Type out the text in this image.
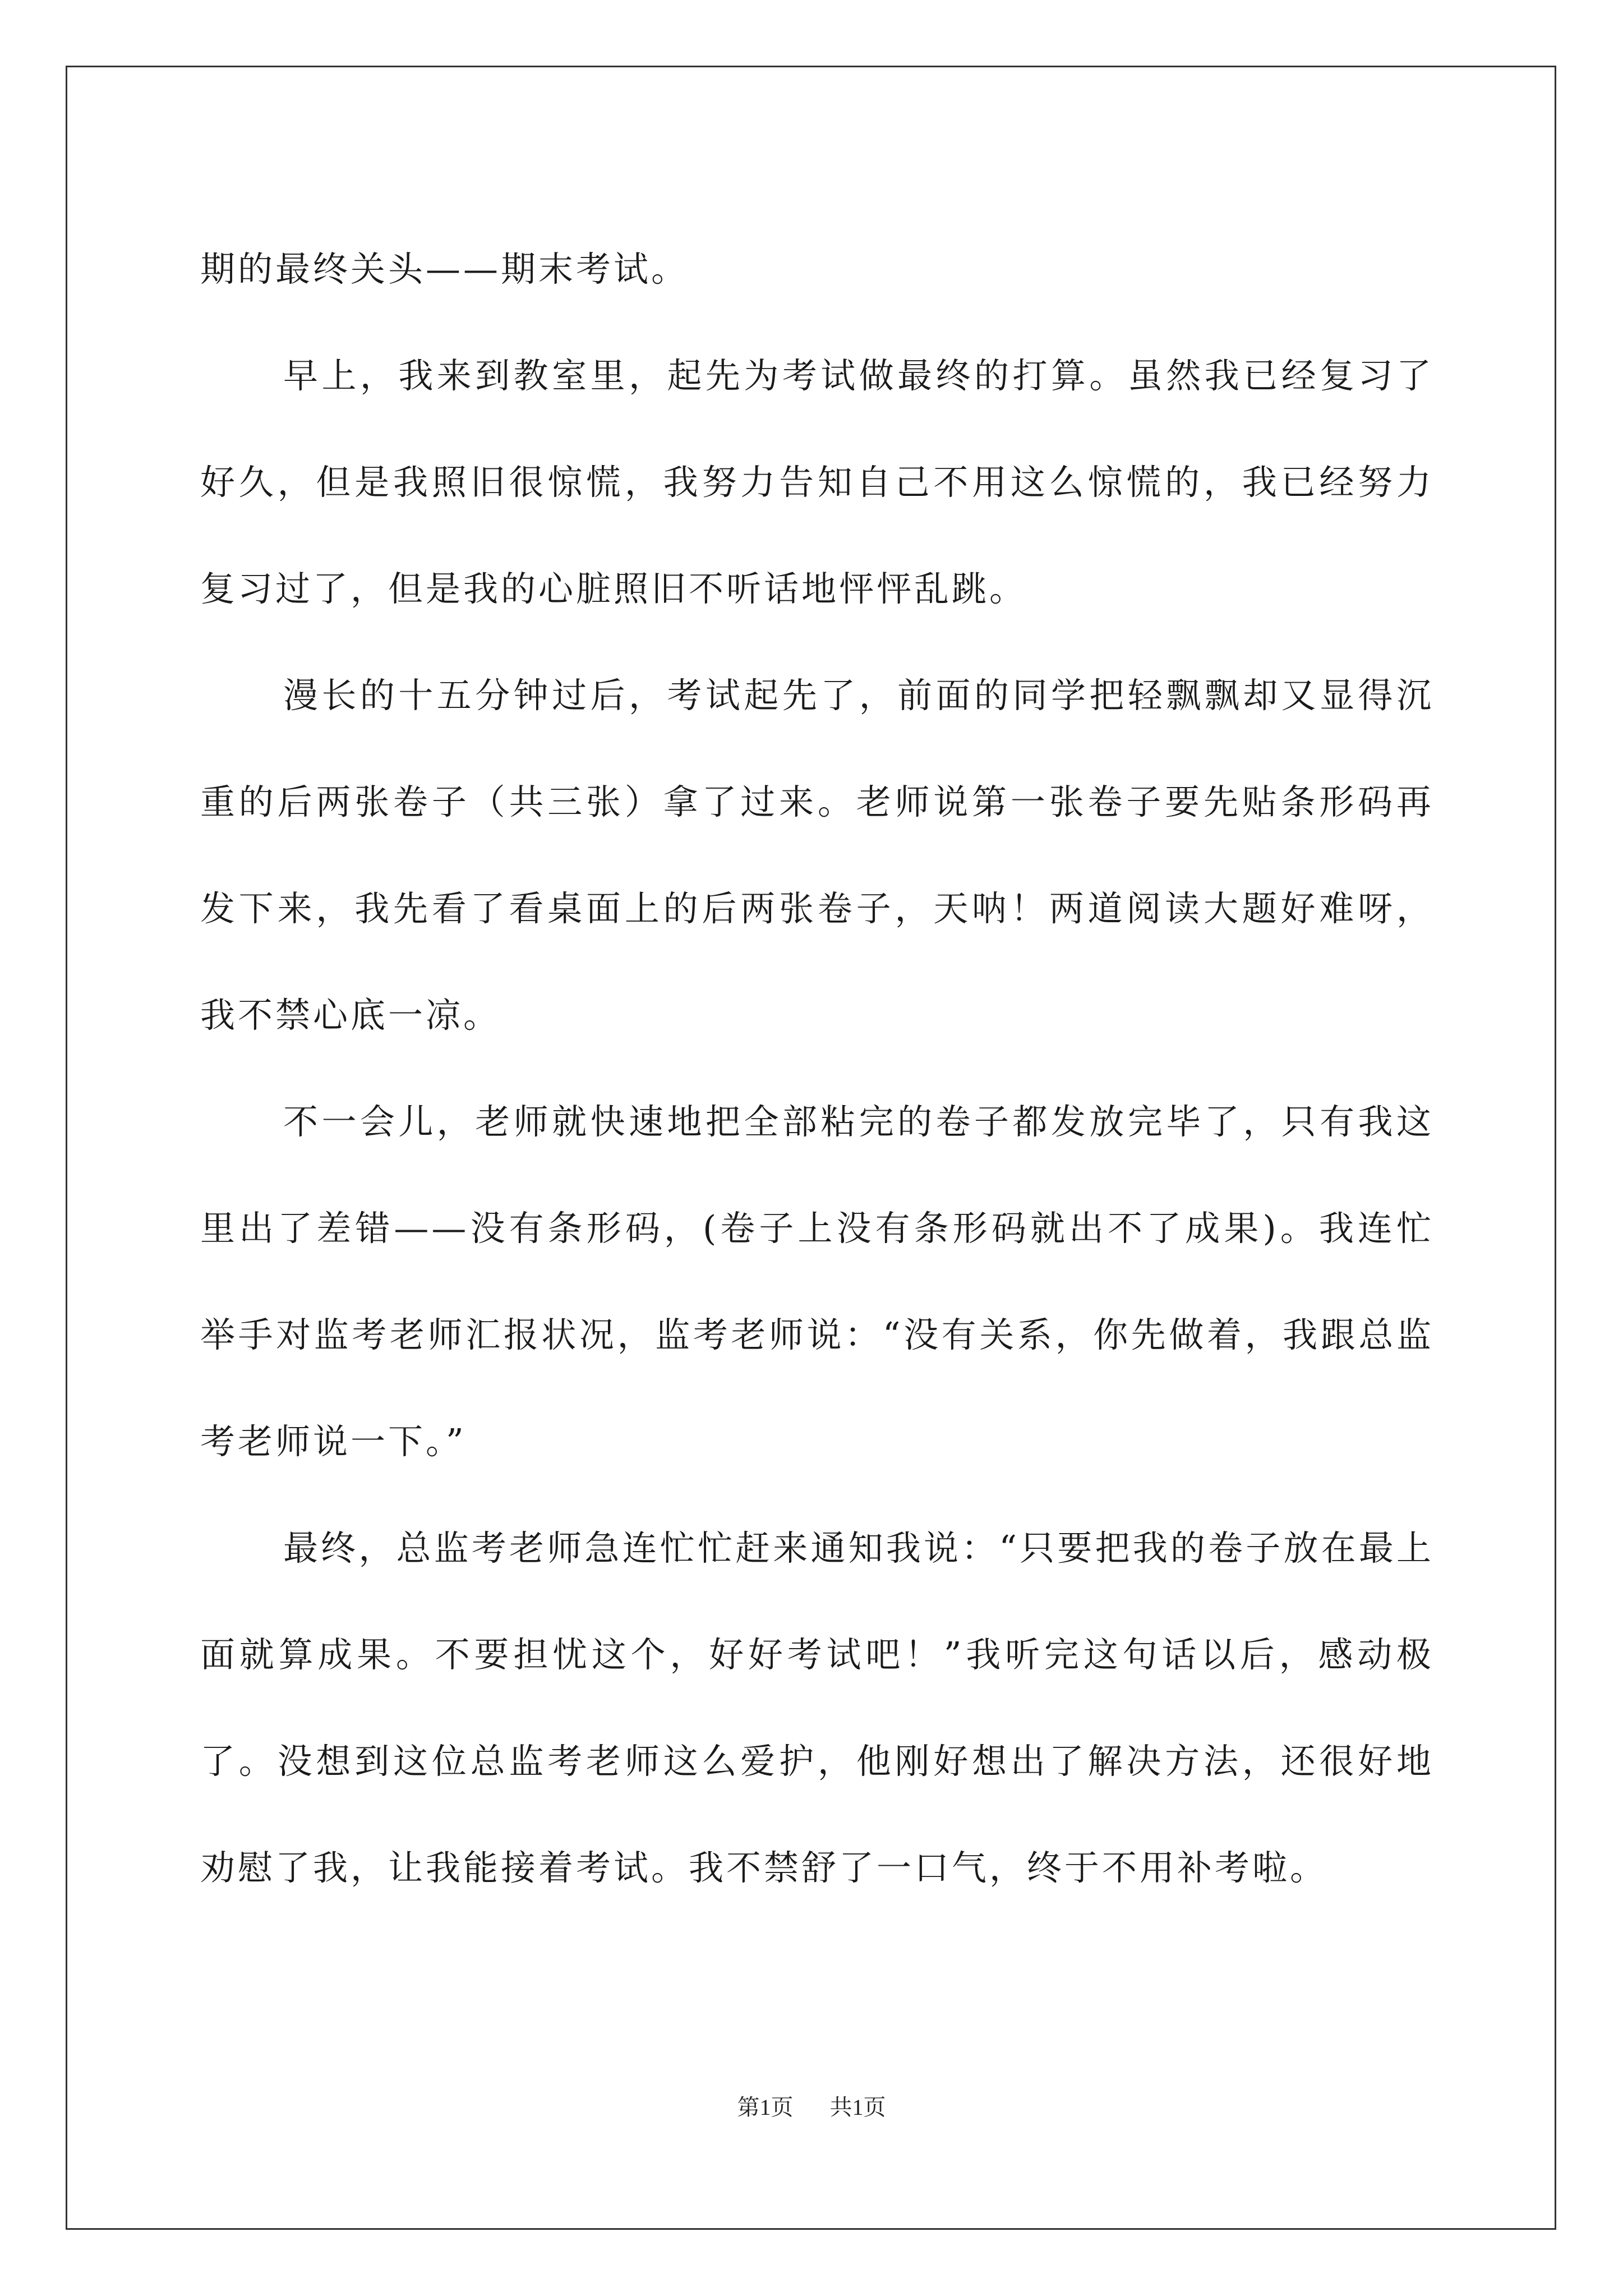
期的最终关头——期末考试。

早上，我来到教室里，起先为考试做最终的打算。虽然我已经复习了好久，但是我照旧很惊慌，我努力告知自己不用这么惊慌的，我已经努力复习过了，但是我的心脏照旧不听话地怦怦乱跳。

漫长的十五分钟过后，考试起先了，前面的同学把轻飘飘却又显得沉重的后两张卷子（共三张）拿了过来。老师说第一张卷子要先贴条形码再发下来，我先看了看桌面上的后两张卷子，天呐！两道阅读大题好难呀，我不禁心底一凉。

不一会儿，老师就快速地把全部粘完的卷子都发放完毕了，只有我这里出了差错——没有条形码，(卷子上没有条形码就出不了成果)。我连忙举手对监考老师汇报状况，监考老师说：“没有关系，你先做着，我跟总监考老师说一下。”

最终，总监考老师急连忙忙赶来通知我说：“只要把我的卷子放在最上面就算成果。不要担忧这个，好好考试吧！”我听完这句话以后，感动极了。没想到这位总监考老师这么爱护，他刚好想出了解决方法，还很好地劝慰了我，让我能接着考试。我不禁舒了一口气，终于不用补考啦。

第1页 共1页
